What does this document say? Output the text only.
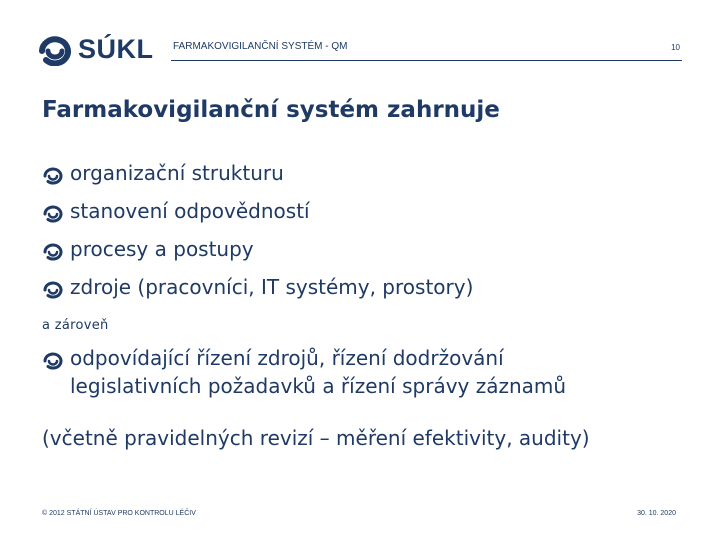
SÚKL FARMAKOVIGILANČNÍ SYSTÉM - QM	10
Farmakovigilanční systém zahrnuje
organizační strukturu
stanovení odpovědností
procesy a postupy
zdroje (pracovníci, IT systémy, prostory)
a zároveň
odpovídající řízení zdrojů, řízení dodržování
legislativních požadavků a řízení správy záznamů
(včetně pravidelných revizí – měření efektivity, audity)
© 2012 STÁTNÍ ÚSTAV PRO KONTROLU LÉČIV	30. 10. 2020
